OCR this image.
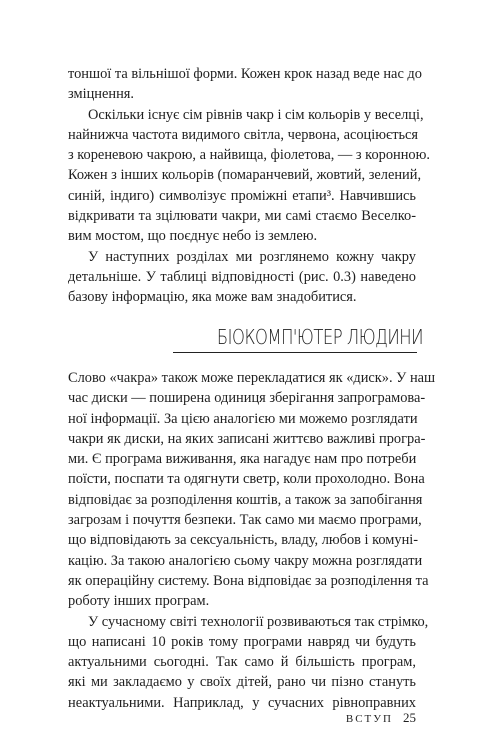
тоншої та вільнішої форми. Кожен крок назад веде нас до
зміцнення.
Оскільки існує сім рівнів чакр і сім кольорів у веселці,
найнижча частота видимого світла, червона, асоціюється
з кореневою чакрою, а найвища, фіолетова, — з коронною.
Кожен з інших кольорів (помаранчевий, жовтий, зелений,
синій, індиго) символізує проміжні етапи³. Навчившись
відкривати та зцілювати чакри, ми самі стаємо Веселко-
вим мостом, що поєднує небо із землею.
У наступних розділах ми розглянемо кожну чакру
детальніше. У таблиці відповідності (рис. 0.3) наведено
базову інформацію, яка може вам знадобитися.
БІОКОМП'ЮТЕР ЛЮДИНИ
Слово «чакра» також може перекладатися як «диск». У наш
час диски — поширена одиниця зберігання запрограмова-
ної інформації. За цією аналогією ми можемо розглядати
чакри як диски, на яких записані життєво важливі програ-
ми. Є програма виживання, яка нагадує нам про потреби
поїсти, поспати та одягнути светр, коли прохолодно. Вона
відповідає за розподілення коштів, а також за запобігання
загрозам і почуття безпеки. Так само ми маємо програми,
що відповідають за сексуальність, владу, любов і комуні-
кацію. За такою аналогією сьому чакру можна розглядати
як операційну систему. Вона відповідає за розподілення та
роботу інших програм.
У сучасному світі технології розвиваються так стрімко,
що написані 10 років тому програми навряд чи будуть
актуальними сьогодні. Так само й більшість програм,
які ми закладаємо у своїх дітей, рано чи пізно стануть
неактуальними. Наприклад, у сучасних рівноправних
ВСТУП 25
